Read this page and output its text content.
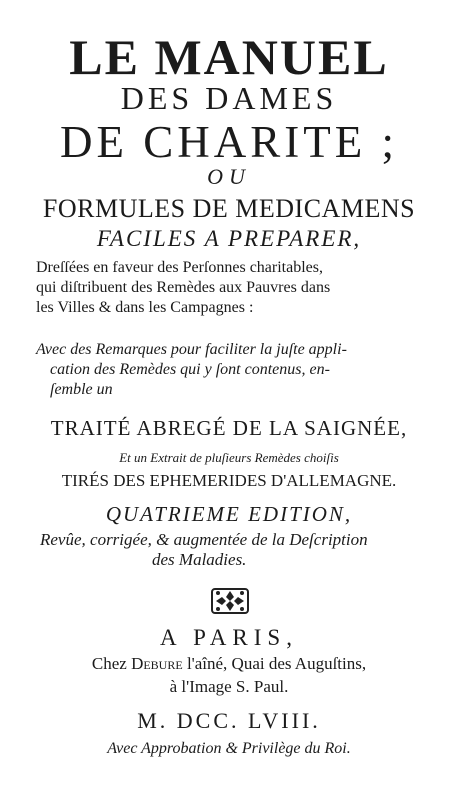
LE MANUEL
DES DAMES
DE CHARITE ;
OU
FORMULES DE MEDICAMENS
FACILES A PREPARER,
Dreſſées en faveur des Perſonnes charitables,
qui diſtribuent des Remèdes aux Pauvres dans
les Villes & dans les Campagnes :
Avec des Remarques pour faciliter la juſte appli-
cation des Remèdes qui y ſont contenus, en-
ſemble un
TRAITÉ ABREGÉ DE LA SAIGNÉE,
Et un Extrait de pluſieurs Remèdes choiſis
TIRÉS DES EPHEMERIDES D'ALLEMAGNE.
QUATRIEME EDITION,
Revûe, corrigée, & augmentée de la Deſcription
des Maladies.
A PARIS,
Chez Debure l'aîné, Quai des Auguſtins,
à l'Image S. Paul.
M. DCC. LVIII.
Avec Approbation & Privilège du Roi.
